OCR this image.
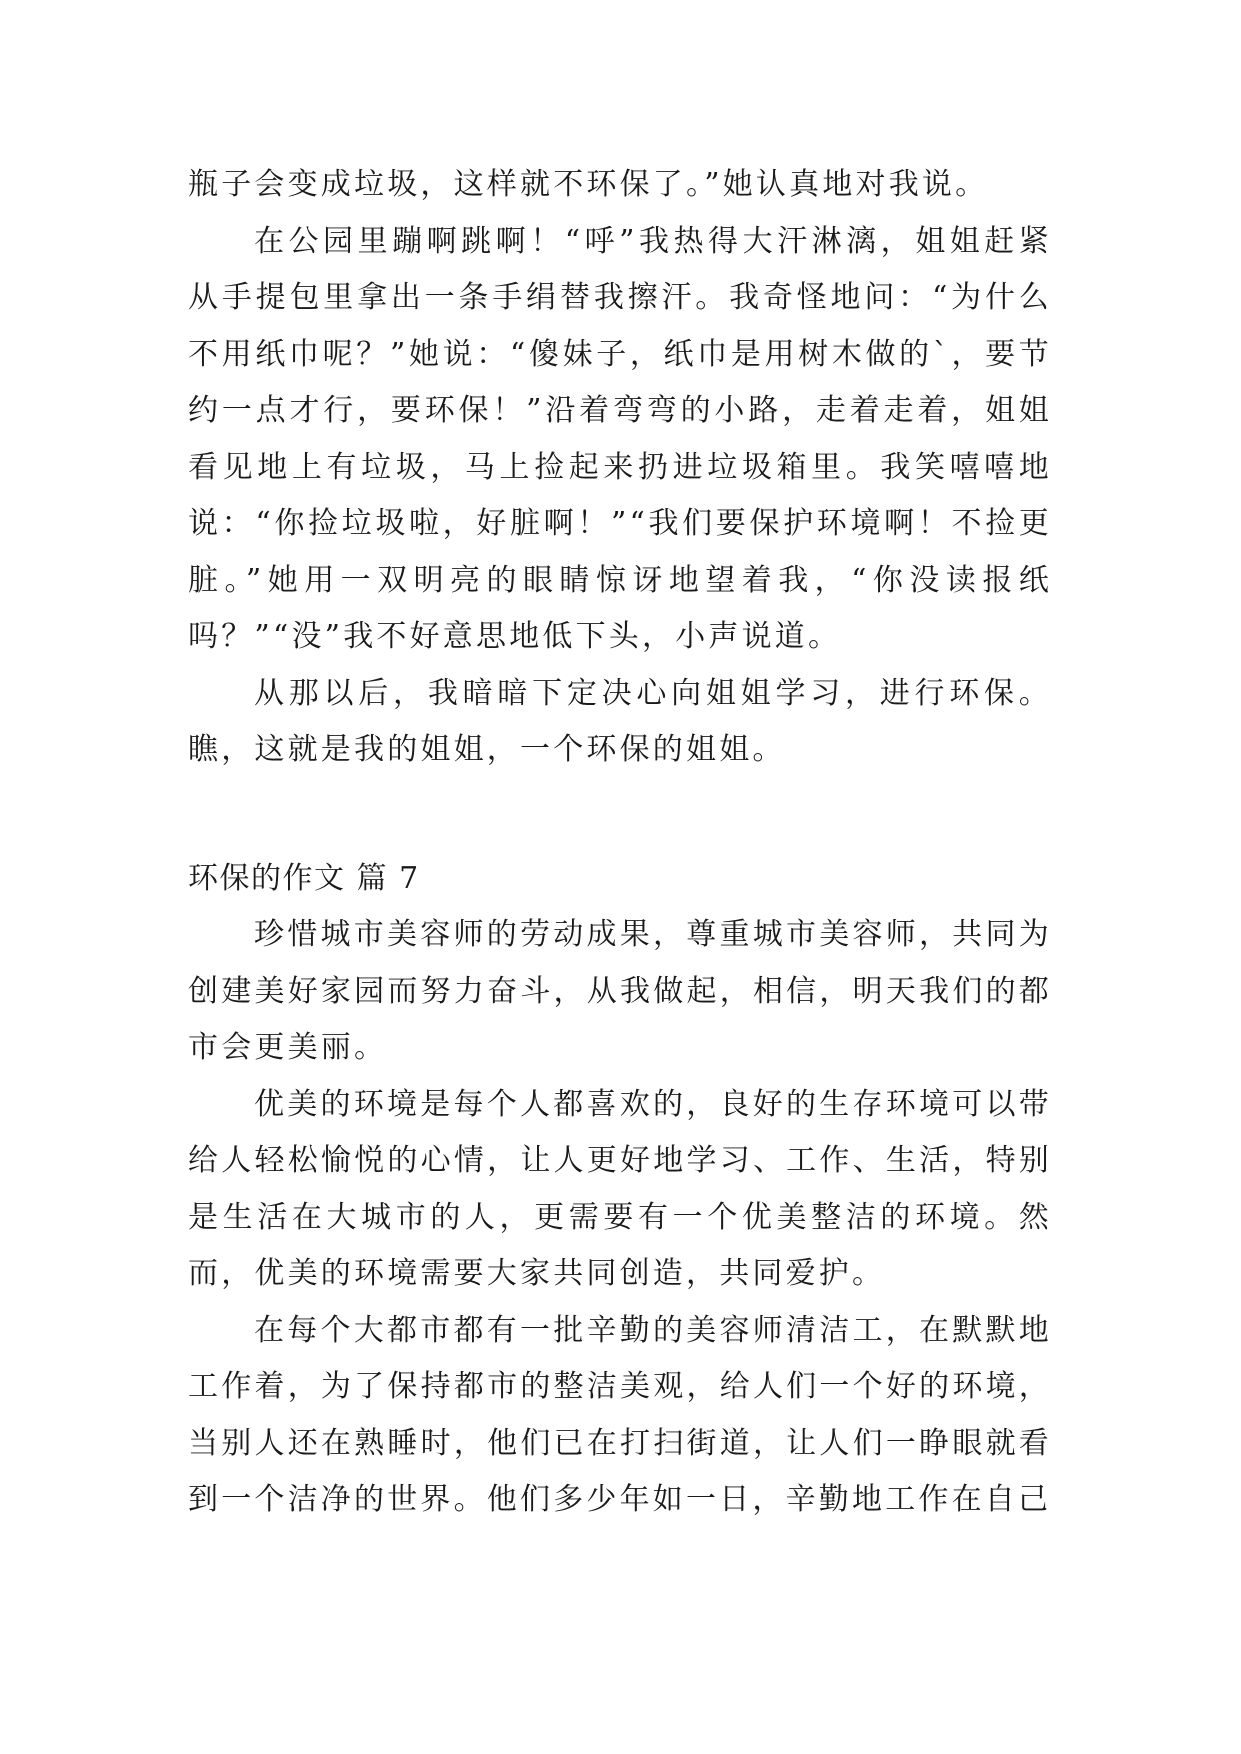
瓶子会变成垃圾，这样就不环保了。”她认真地对我说。

在公园里蹦啊跳啊！“呼”我热得大汗淋漓，姐姐赶紧从手提包里拿出一条手绢替我擦汗。我奇怪地问：“为什么不用纸巾呢？”她说：“傻妹子，纸巾是用树木做的`，要节约一点才行，要环保！”沿着弯弯的小路，走着走着，姐姐看见地上有垃圾，马上捡起来扔进垃圾箱里。我笑嘻嘻地说：“你捡垃圾啦，好脏啊！”“我们要保护环境啊！不捡更脏。”她用一双明亮的眼睛惊讶地望着我，“你没读报纸吗？”“没”我不好意思地低下头，小声说道。

从那以后，我暗暗下定决心向姐姐学习，进行环保。瞧，这就是我的姐姐，一个环保的姐姐。

环保的作文 篇 7

珍惜城市美容师的劳动成果，尊重城市美容师，共同为创建美好家园而努力奋斗，从我做起，相信，明天我们的都市会更美丽。

优美的环境是每个人都喜欢的，良好的生存环境可以带给人轻松愉悦的心情，让人更好地学习、工作、生活，特别是生活在大城市的人，更需要有一个优美整洁的环境。然而，优美的环境需要大家共同创造，共同爱护。

在每个大都市都有一批辛勤的美容师清洁工，在默默地工作着，为了保持都市的整洁美观，给人们一个好的环境，当别人还在熟睡时，他们已在打扫街道，让人们一睁眼就看到一个洁净的世界。他们多少年如一日，辛勤地工作在自己
